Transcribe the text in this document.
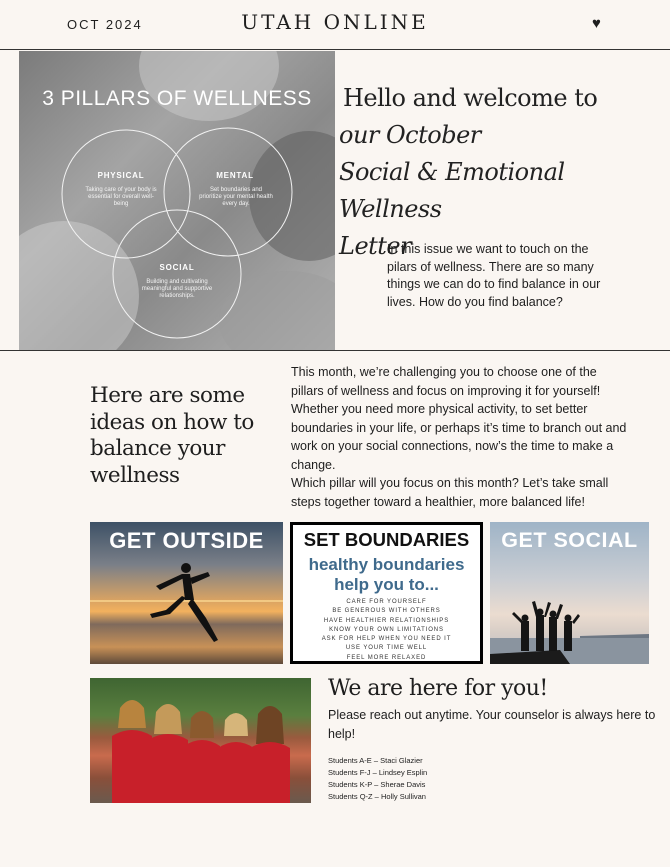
OCT 2024	UTAH ONLINE	♥
3 PILLARS OF WELLNESS
PHYSICAL
Taking care of your body is essential for overall well-being
MENTAL
Set boundaries and prioritize your mental health every day.
SOCIAL
Building and cultivating meaningful and supportive relationships.
Hello and welcome to
our October
Social & Emotional Wellness
Letter
In this issue we want to touch on the pilars of wellness. There are so many things we can do to find balance in our lives. How do you find balance?
Here are some ideas on how to balance your wellness
This month, we’re challenging you to choose one of the pillars of wellness and focus on improving it for yourself! Whether you need more physical activity, to set better boundaries in your life, or perhaps it’s time to branch out and work on your social connections, now’s the time to make a change.
Which pillar will you focus on this month? Let’s take small steps together toward a healthier, more balanced life!
GET OUTSIDE	SET BOUNDARIES
healthy boundaries help you to...
CARE FOR YOURSELF
BE GENEROUS WITH OTHERS
HAVE HEALTHIER RELATIONSHIPS
KNOW YOUR OWN LIMITATIONS
ASK FOR HELP WHEN YOU NEED IT
USE YOUR TIME WELL
FEEL MORE RELAXED
GET SOCIAL
We are here for you!
Please reach out anytime. Your counselor is always here to help!
Students A-E – Staci Glazier
Students F-J – Lindsey Esplin
Students K-P – Sherae Davis
Students Q-Z – Holly Sullivan
